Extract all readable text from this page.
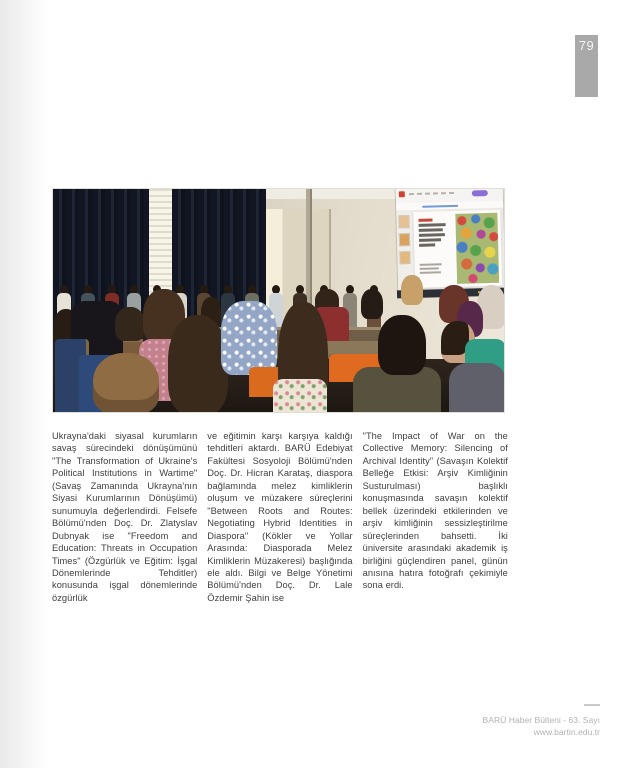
79
Ukrayna'daki siyasal kurumların savaş sürecindeki dönüşümünü "The Transformation of Ukraine's Political Institutions in Wartime" (Savaş Zamanında Ukrayna'nın Siyasi Kurumlarının Dönüşümü) sunumuyla değerlendirdi. Felsefe Bölümü'nden Doç. Dr. Zlatyslav Dubnyak ise "Freedom and Education: Threats in Occupation Times" (Özgürlük ve Eğitim: İşgal Dönemlerinde Tehditler) konusunda işgal dönemlerinde özgürlük
ve eğitimin karşı karşıya kaldığı tehditleri aktardı. BARÜ Edebiyat Fakültesi Sosyoloji Bölümü'nden Doç. Dr. Hicran Karataş, diaspora bağlamında melez kimliklerin oluşum ve müzakere süreçlerini "Between Roots and Routes: Negotiating Hybrid Identities in Diaspora" (Kökler ve Yollar Arasında: Diasporada Melez Kimliklerin Müzakeresi) başlığında ele aldı. Bilgi ve Belge Yönetimi Bölümü'nden Doç. Dr. Lale Özdemir Şahin ise
"The Impact of War on the Collective Memory: Silencing of Archival Identity" (Savaşın Kolektif Belleğe Etkisi: Arşiv Kimliğinin Susturulması) başlıklı konuşmasında savaşın kolektif bellek üzerindeki etkilerinden ve arşiv kimliğinin sessizleştirilme süreçlerinden bahsetti. İki üniversite arasındaki akademik iş birliğini güçlendiren panel, günün anısına hatıra fotoğrafı çekimiyle sona erdi.
BARÜ Haber Bülteni - 63. Sayı
www.bartin.edu.tr
